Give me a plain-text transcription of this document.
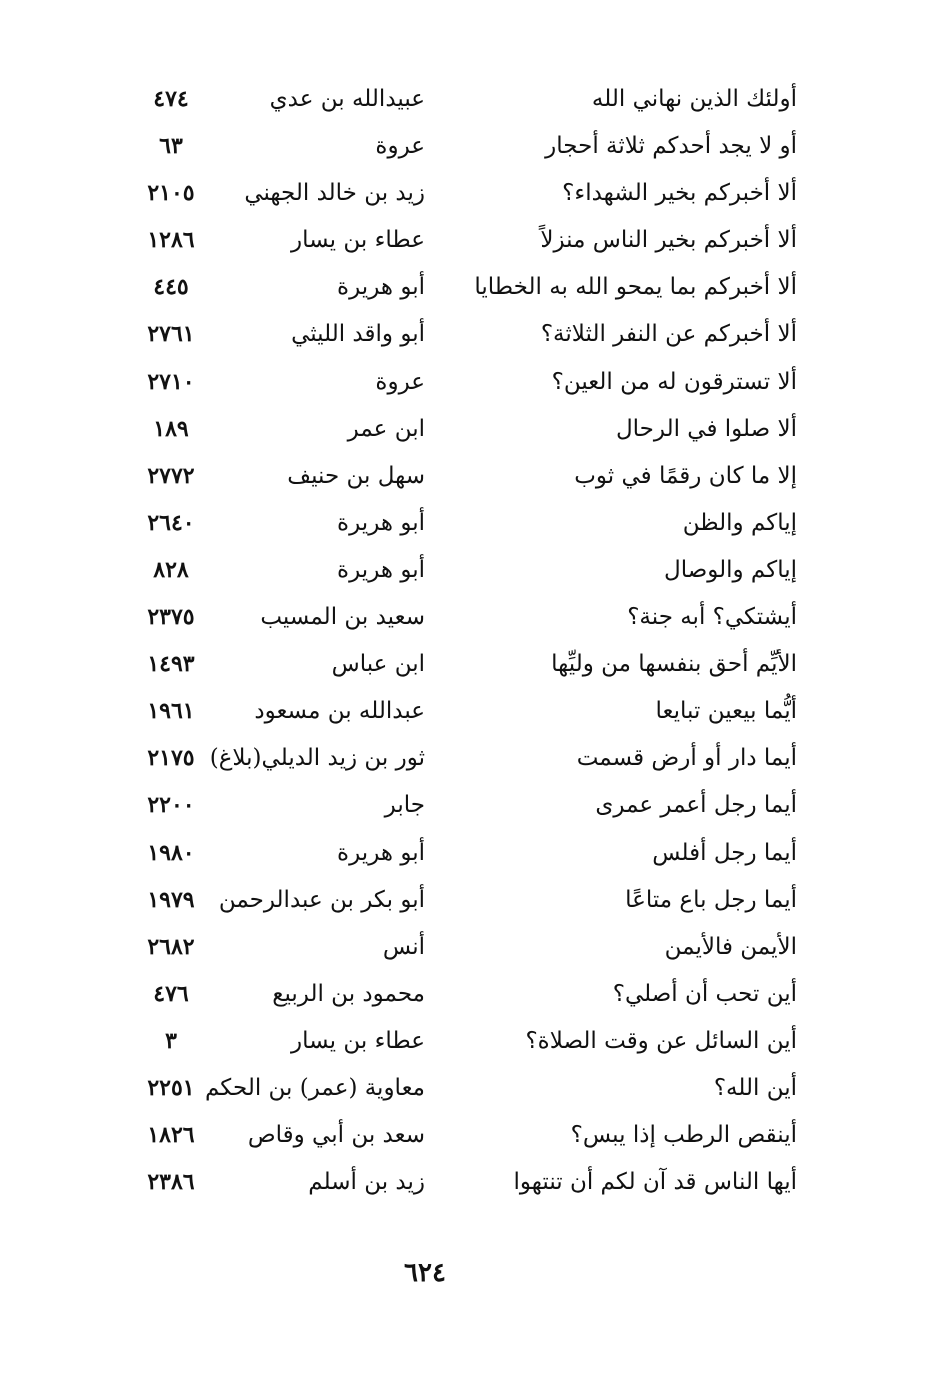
أولئك الذين نهاني الله
عبيدالله بن عدي
٤٧٤
أو لا يجد أحدكم ثلاثة أحجار
عروة
٦٣
ألا أخبركم بخير الشهداء؟
زيد بن خالد الجهني
٢١٠٥
ألا أخبركم بخير الناس منزلاً
عطاء بن يسار
١٢٨٦
ألا أخبركم بما يمحو الله به الخطايا
أبو هريرة
٤٤٥
ألا أخبركم عن النفر الثلاثة؟
أبو واقد الليثي
٢٧٦١
ألا تسترقون له من العين؟
عروة
٢٧١٠
ألا صلوا في الرحال
ابن عمر
١٨٩
إلا ما كان رقمًا في ثوب
سهل بن حنيف
٢٧٧٢
إياكم والظن
أبو هريرة
٢٦٤٠
إياكم والوصال
أبو هريرة
٨٢٨
أيشتكي؟ أبه جنة؟
سعيد بن المسيب
٢٣٧٥
الأيِّم أحق بنفسها من وليِّها
ابن عباس
١٤٩٣
أيُّما بيعين تبايعا
عبدالله بن مسعود
١٩٦١
أيما دار أو أرض قسمت
ثور بن زيد الديلي(بلاغ)
٢١٧٥
أيما رجل أعمر عمرى
جابر
٢٢٠٠
أيما رجل أفلس
أبو هريرة
١٩٨٠
أيما رجل باع متاعًا
أبو بكر بن عبدالرحمن
١٩٧٩
الأيمن فالأيمن
أنس
٢٦٨٢
أين تحب أن أصلي؟
محمود بن الربيع
٤٧٦
أين السائل عن وقت الصلاة؟
عطاء بن يسار
٣
أين الله؟
معاوية (عمر) بن الحكم
٢٢٥١
أينقص الرطب إذا يبس؟
سعد بن أبي وقاص
١٨٢٦
أيها الناس قد آن لكم أن تنتهوا
زيد بن أسلم
٢٣٨٦
٦٢٤
